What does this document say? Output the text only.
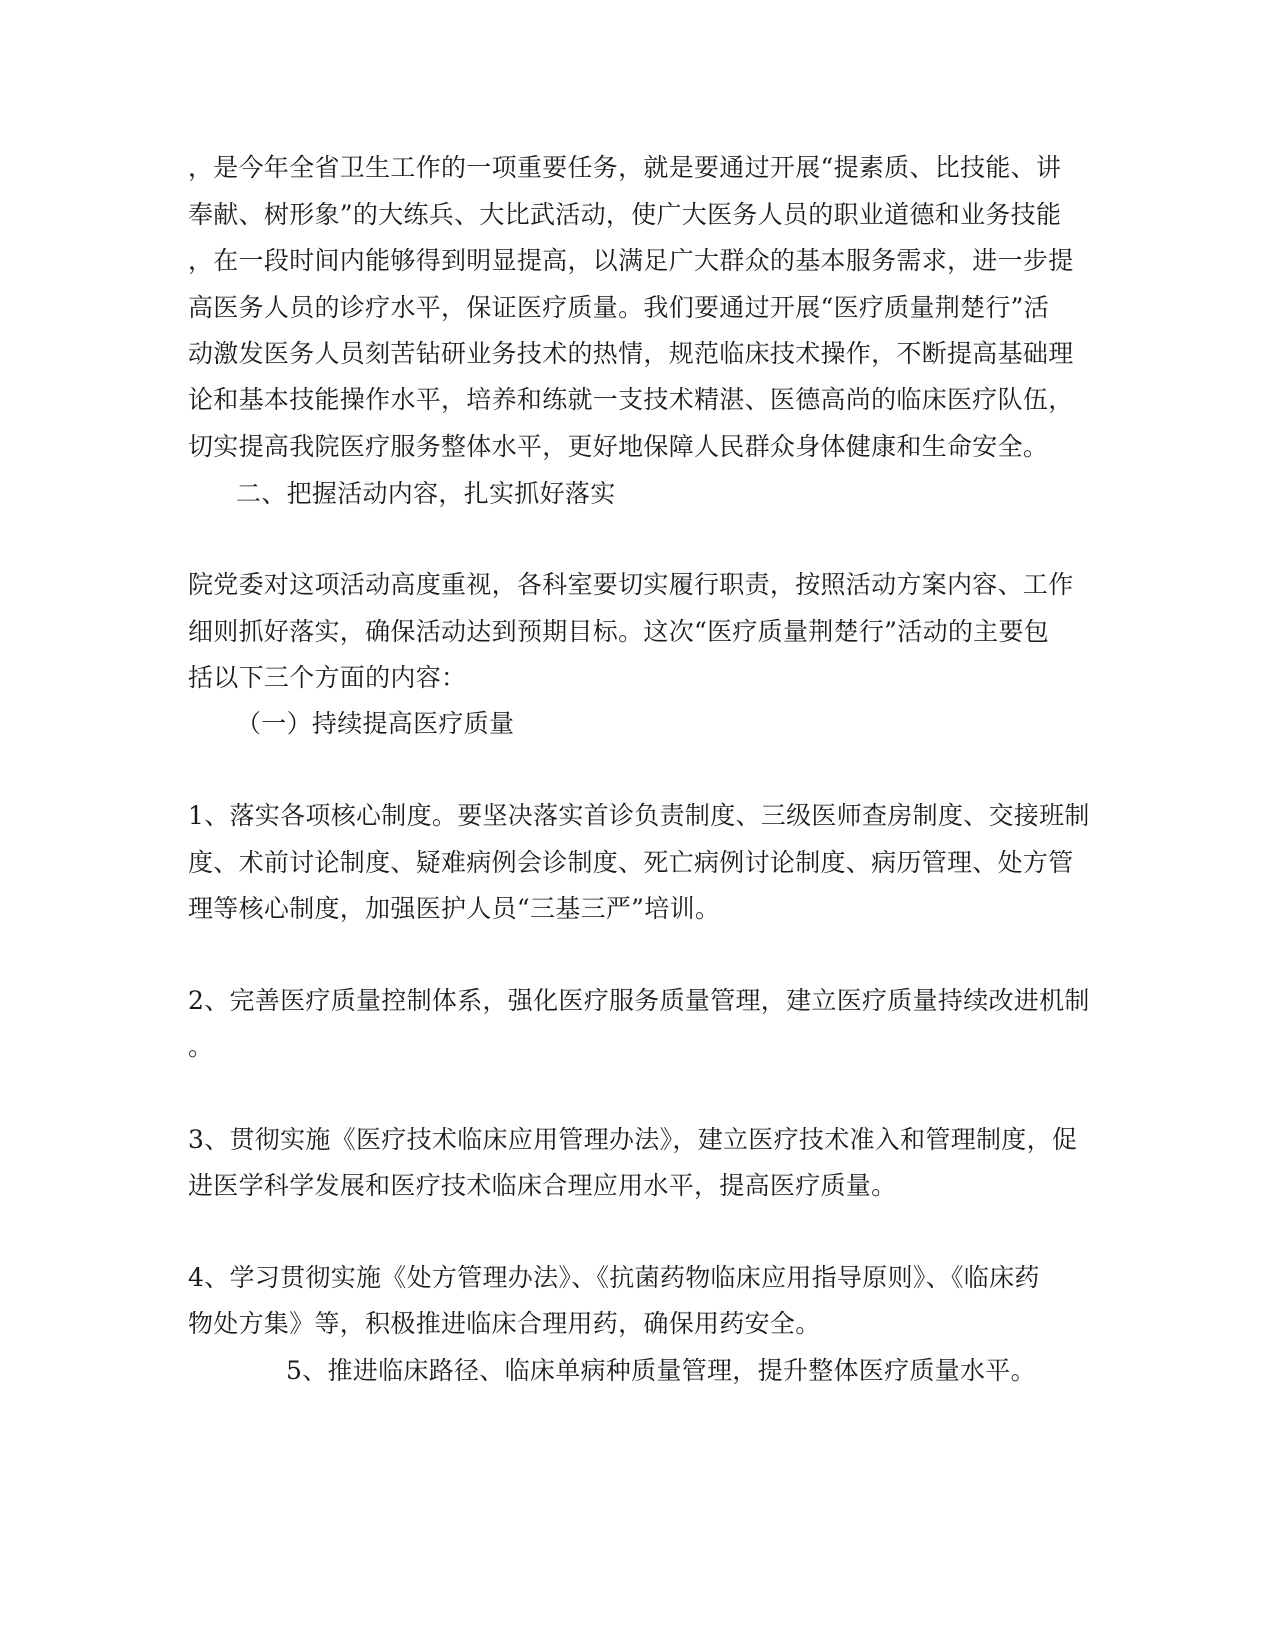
，是今年全省卫生工作的一项重要任务，就是要通过开展“提素质、比技能、讲
奉献、树形象”的大练兵、大比武活动，使广大医务人员的职业道德和业务技能
，在一段时间内能够得到明显提高，以满足广大群众的基本服务需求，进一步提
高医务人员的诊疗水平，保证医疗质量。我们要通过开展“医疗质量荆楚行”活
动激发医务人员刻苦钻研业务技术的热情，规范临床技术操作，不断提高基础理
论和基本技能操作水平，培养和练就一支技术精湛、医德高尚的临床医疗队伍，
切实提高我院医疗服务整体水平，更好地保障人民群众身体健康和生命安全。
二、把握活动内容，扎实抓好落实
院党委对这项活动高度重视，各科室要切实履行职责，按照活动方案内容、工作
细则抓好落实，确保活动达到预期目标。这次“医疗质量荆楚行”活动的主要包
括以下三个方面的内容：
（一）持续提高医疗质量
1、落实各项核心制度。要坚决落实首诊负责制度、三级医师查房制度、交接班制
度、术前讨论制度、疑难病例会诊制度、死亡病例讨论制度、病历管理、处方管
理等核心制度，加强医护人员“三基三严”培训。
2、完善医疗质量控制体系，强化医疗服务质量管理，建立医疗质量持续改进机制
。
3、贯彻实施《医疗技术临床应用管理办法》，建立医疗技术准入和管理制度，促
进医学科学发展和医疗技术临床合理应用水平，提高医疗质量。
4、学习贯彻实施《处方管理办法》、《抗菌药物临床应用指导原则》、《临床药
物处方集》等，积极推进临床合理用药，确保用药安全。
5、推进临床路径、临床单病种质量管理，提升整体医疗质量水平。
